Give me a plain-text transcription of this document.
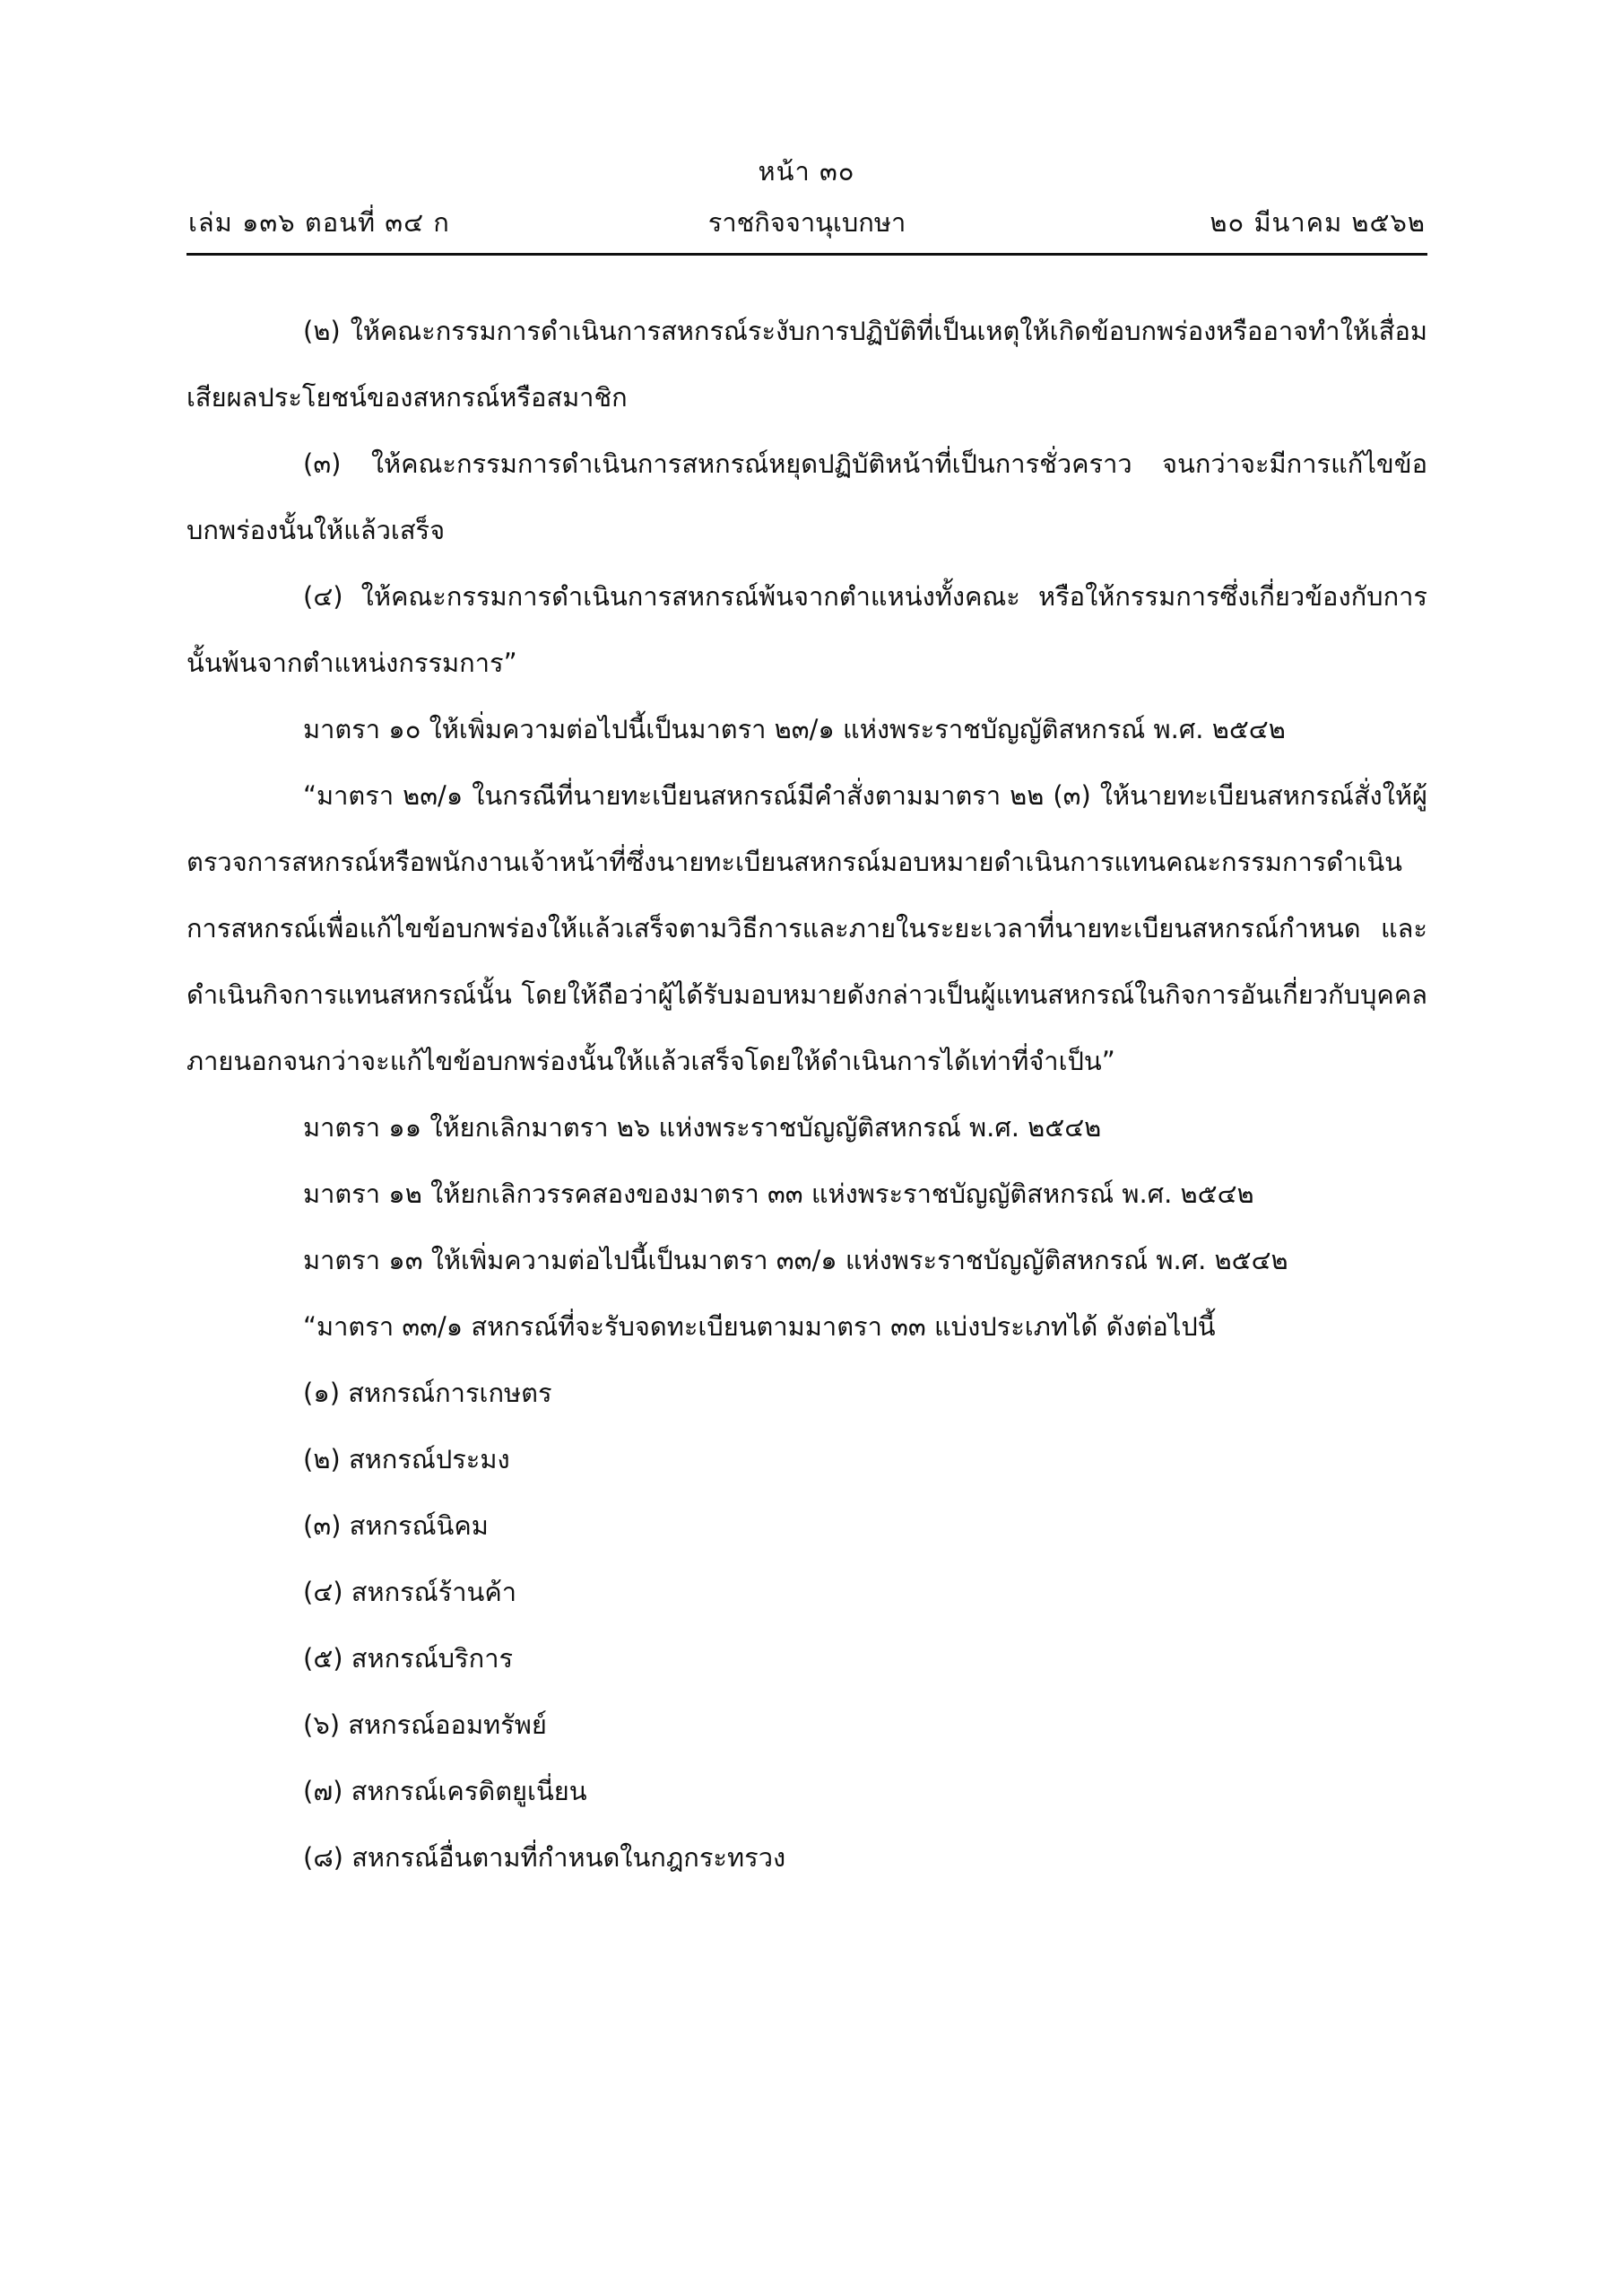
หน้า ๓๐
เล่ม ๑๓๖ ตอนที่ ๓๔ ก	ราชกิจจานุเบกษา	๒๐ มีนาคม ๒๕๖๒

(๒) ให้คณะกรรมการดำเนินการสหกรณ์ระงับการปฏิบัติที่เป็นเหตุให้เกิดข้อบกพร่องหรืออาจทำให้เสื่อมเสียผลประโยชน์ของสหกรณ์หรือสมาชิก

(๓) ให้คณะกรรมการดำเนินการสหกรณ์หยุดปฏิบัติหน้าที่เป็นการชั่วคราว จนกว่าจะมีการแก้ไขข้อบกพร่องนั้นให้แล้วเสร็จ

(๔) ให้คณะกรรมการดำเนินการสหกรณ์พ้นจากตำแหน่งทั้งคณะ หรือให้กรรมการซึ่งเกี่ยวข้องกับการนั้นพ้นจากตำแหน่งกรรมการ”

มาตรา ๑๐ ให้เพิ่มความต่อไปนี้เป็นมาตรา ๒๓/๑ แห่งพระราชบัญญัติสหกรณ์ พ.ศ. ๒๕๔๒

“มาตรา ๒๓/๑ ในกรณีที่นายทะเบียนสหกรณ์มีคำสั่งตามมาตรา ๒๒ (๓) ให้นายทะเบียนสหกรณ์สั่งให้ผู้ตรวจการสหกรณ์หรือพนักงานเจ้าหน้าที่ซึ่งนายทะเบียนสหกรณ์มอบหมายดำเนินการแทนคณะกรรมการดำเนินการสหกรณ์เพื่อแก้ไขข้อบกพร่องให้แล้วเสร็จตามวิธีการและภายในระยะเวลาที่นายทะเบียนสหกรณ์กำหนด และดำเนินกิจการแทนสหกรณ์นั้น โดยให้ถือว่าผู้ได้รับมอบหมายดังกล่าวเป็นผู้แทนสหกรณ์ในกิจการอันเกี่ยวกับบุคคลภายนอกจนกว่าจะแก้ไขข้อบกพร่องนั้นให้แล้วเสร็จโดยให้ดำเนินการได้เท่าที่จำเป็น”

มาตรา ๑๑ ให้ยกเลิกมาตรา ๒๖ แห่งพระราชบัญญัติสหกรณ์ พ.ศ. ๒๕๔๒

มาตรา ๑๒ ให้ยกเลิกวรรคสองของมาตรา ๓๓ แห่งพระราชบัญญัติสหกรณ์ พ.ศ. ๒๕๔๒

มาตรา ๑๓ ให้เพิ่มความต่อไปนี้เป็นมาตรา ๓๓/๑ แห่งพระราชบัญญัติสหกรณ์ พ.ศ. ๒๕๔๒

“มาตรา ๓๓/๑ สหกรณ์ที่จะรับจดทะเบียนตามมาตรา ๓๓ แบ่งประเภทได้ ดังต่อไปนี้

(๑) สหกรณ์การเกษตร

(๒) สหกรณ์ประมง

(๓) สหกรณ์นิคม

(๔) สหกรณ์ร้านค้า

(๕) สหกรณ์บริการ

(๖) สหกรณ์ออมทรัพย์

(๗) สหกรณ์เครดิตยูเนี่ยน

(๘) สหกรณ์อื่นตามที่กำหนดในกฎกระทรวง
